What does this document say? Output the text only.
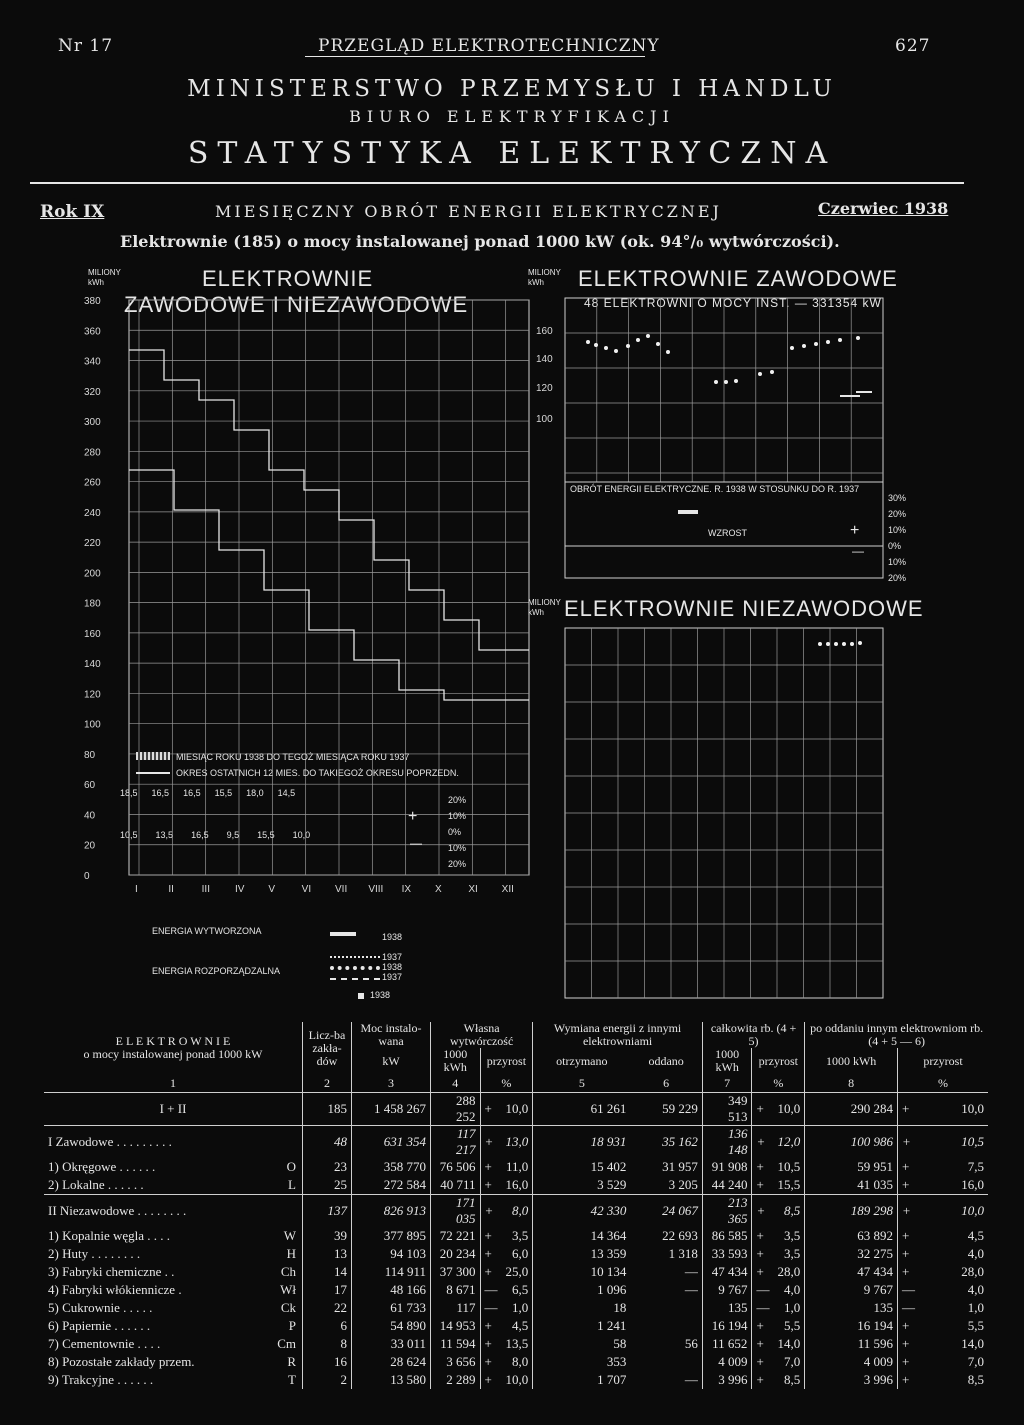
Nr 17	PRZEGLĄD ELEKTROTECHNICZNY	627
MINISTERSTWO PRZEMYSŁU I HANDLU
BIURO ELEKTRYFIKACJI
STATYSTYKA ELEKTRYCZNA
Rok IX	MIESIĘCZNY OBRÓT ENERGII ELEKTRYCZNEJ	Czerwiec 1938
Elektrownie (185) o mocy instalowanej ponad 1000 kW (ok. 94°/₀ wytwórczości).
MILIONY kWh	ELEKTROWNIE
ZAWODOWE I NIEZAWODOWE
380
360
340
320
300
280
260
240
220
200
180
160
140
120
100
80
60
40
20
0
I	II	III IV V	VI VII VIII IX X	XI XII
MIESIĄC ROKU 1938 DO TEGOŻ MIESIĄCA ROKU 1937
OKRES OSTATNICH 12 MIES. DO TAKIEGOŻ OKRESU POPRZEDN.
18,5 16,5 16,5 15,5 18,0 14,5
10,5 13,5 16,5 9,5 15,5 10,0
+
—
20%
10%
0%
10%
20%
MILIONY kWh	ELEKTROWNIE ZAWODOWE
48 ELEKTROWNI O MOCY INST. — 331354 kW
160
140
120
100
OBRÓT ENERGII ELEKTRYCZNE. R. 1938 W STOSUNKU DO R. 1937
WZROST	+
—
30%
20%
10%
0%
10%
20%
MILIONY kWh ELEKTROWNIE NIEZAWODOWE
ENERGIA WYTWORZONA
ENERGIA ROZPORZĄDZALNA
1938
1937
1938
1937
1938
E L E K T R O W N I E
o mocy instalowanej ponad 1000 kW	Licz-ba zakła-dów	Moc instalo-wana	Własna wytwórczość			Wymiana energii z innymi elektrowniami		całkowita rb. (4 + 5)			po oddaniu innym elektrowniom rb. (4 + 5 — 6)		
		kW	1000 kWh	przyrost		otrzymano	oddano	1000 kWh	przyrost		1000 kWh	przyrost	
1	2	3	4	%		5	6	7	%		8	%	

I + II	185	1 458 267	288 252	+	10,0	61 261	59 229	349 513	+	10,0	290 284	+	10,0
I Zawodowe . . . . . . . . .	48	631 354	117 217	+	13,0	18 931	35 162	136 148	+	12,0	100 986	+	10,5
1) Okręgowe . . . . . . O	23	358 770	76 506	+	11,0	15 402	31 957	91 908	+	10,5	59 951	+	7,5
2) Lokalne . . . . . . L	25	272 584	40 711	+	16,0	3 529	3 205	44 240	+	15,5	41 035	+	16,0
II Niezawodowe . . . . . . . .	137	826 913	171 035	+	8,0	42 330	24 067	213 365	+	8,5	189 298	+	10,0
1) Kopalnie węgla . . . . W	39	377 895	72 221	+	3,5	14 364	22 693	86 585	+	3,5	63 892	+	4,5
2) Huty . . . . . . . . H	13	94 103	20 234	+	6,0	13 359	1 318	33 593	+	3,5	32 275	+	4,0
3) Fabryki chemiczne . . Ch	14	114 911	37 300	+	25,0	10 134	—	47 434	+	28,0	47 434	+	28,0
4) Fabryki włókiennicze . Wł	17	48 166	8 671	—	6,5	1 096	—	9 767	—	4,0	9 767	—	4,0
5) Cukrownie . . . . . Ck	22	61 733	117	—	1,0	18		135	—	1,0	135	—	1,0
6) Papiernie . . . . . . P	6	54 890	14 953	+	4,5	1 241		16 194	+	5,5	16 194	+	5,5
7) Cementownie . . . . Cm	8	33 011	11 594	+	13,5	58	56	11 652	+	14,0	11 596	+	14,0
8) Pozostałe zakłady przem. R	16	28 624	3 656	+	8,0	353		4 009	+	7,0	4 009	+	7,0
9) Trakcyjne . . . . . . T	2	13 580	2 289	+	10,0	1 707	—	3 996	+	8,5	3 996	+	8,5
